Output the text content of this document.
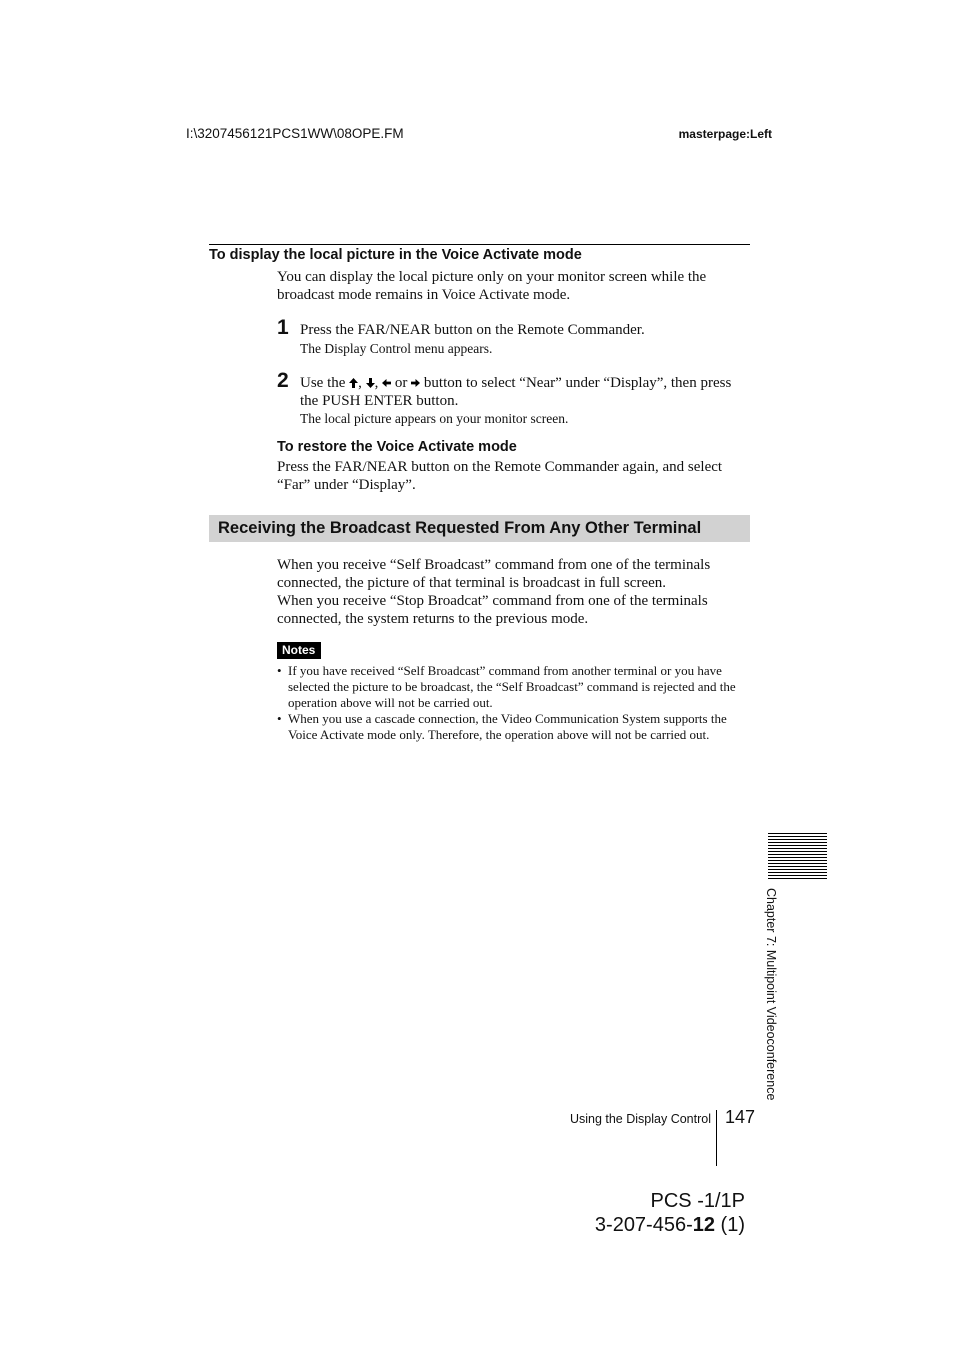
I:\3207456121PCS1WW\08OPE.FM	masterpage:Left
To display the local picture in the Voice Activate mode
You can display the local picture only on your monitor screen while the broadcast mode remains in Voice Activate mode.
1 Press the FAR/NEAR button on the Remote Commander.
The Display Control menu appears.
2 Use the , , or button to select “Near” under “Display”, then press the PUSH ENTER button.
The local picture appears on your monitor screen.
To restore the Voice Activate mode
Press the FAR/NEAR button on the Remote Commander again, and select “Far” under “Display”.
Receiving the Broadcast Requested From Any Other Terminal
When you receive “Self Broadcast” command from one of the terminals connected, the picture of that terminal is broadcast in full screen.
When you receive “Stop Broadcat” command from one of the terminals connected, the system returns to the previous mode.
Notes
• If you have received “Self Broadcast” command from another terminal or you have selected the picture to be broadcast, the “Self Broadcast” command is rejected and the operation above will not be carried out.
• When you use a cascade connection, the Video Communication System supports the Voice Activate mode only. Therefore, the operation above will not be carried out.
Chapter 7: Multipoint Videoconference
Using the Display Control 147
PCS -1/1P
3-207-456-12 (1)
